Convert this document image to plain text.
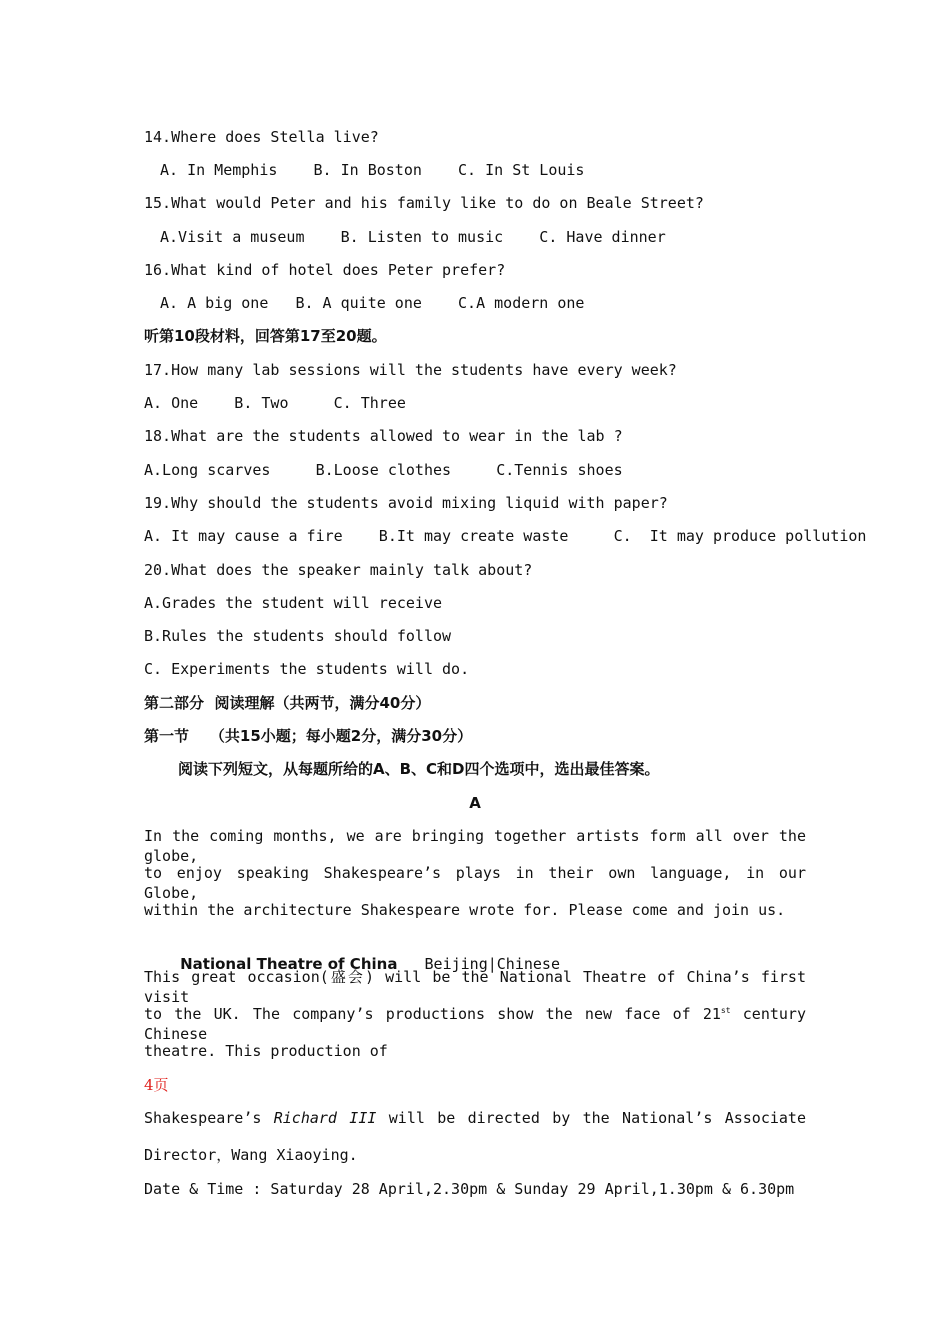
14.Where does Stella live?
A. In Memphis    B. In Boston    C. In St Louis
15.What would Peter and his family like to do on Beale Street?
A.Visit a museum    B. Listen to music    C. Have dinner
16.What kind of hotel does Peter prefer?
A. A big one   B. A quite one    C.A modern one
听第10段材料，回答第17至20题。
17.How many lab sessions will the students have every week?
A. One    B. Two     C. Three
18.What are the students allowed to wear in the lab ?
A.Long scarves     B.Loose clothes     C.Tennis shoes
19.Why should the students avoid mixing liquid with paper?
A. It may cause a fire    B.It may create waste     C.  It may produce pollution
20.What does the speaker mainly talk about?
A.Grades the student will receive
B.Rules the students should follow
C. Experiments the students will do.
第二部分  阅读理解（共两节，满分40分）
第一节    （共15小题；每小题2分，满分30分）
阅读下列短文，从每题所给的A、B、C和D四个选项中，选出最佳答案。
A
In the coming months, we are bringing together artists form all over the globe,
to enjoy speaking Shakespeare’s plays in their own language, in our Globe,
within the architecture Shakespeare wrote for. Please come and join us.

National Theatre of China Beijing|Chinese

This great occasion(盛会) will be the National Theatre of China’s first visit
to the UK. The company’s productions show the new face of 21st century Chinese
theatre. This production of
4页
Shakespeare’s Richard III will be directed by the National’s Associate
Director，Wang Xiaoying.
Date & Time : Saturday 28 April,2.30pm & Sunday 29 April,1.30pm & 6.30pm
